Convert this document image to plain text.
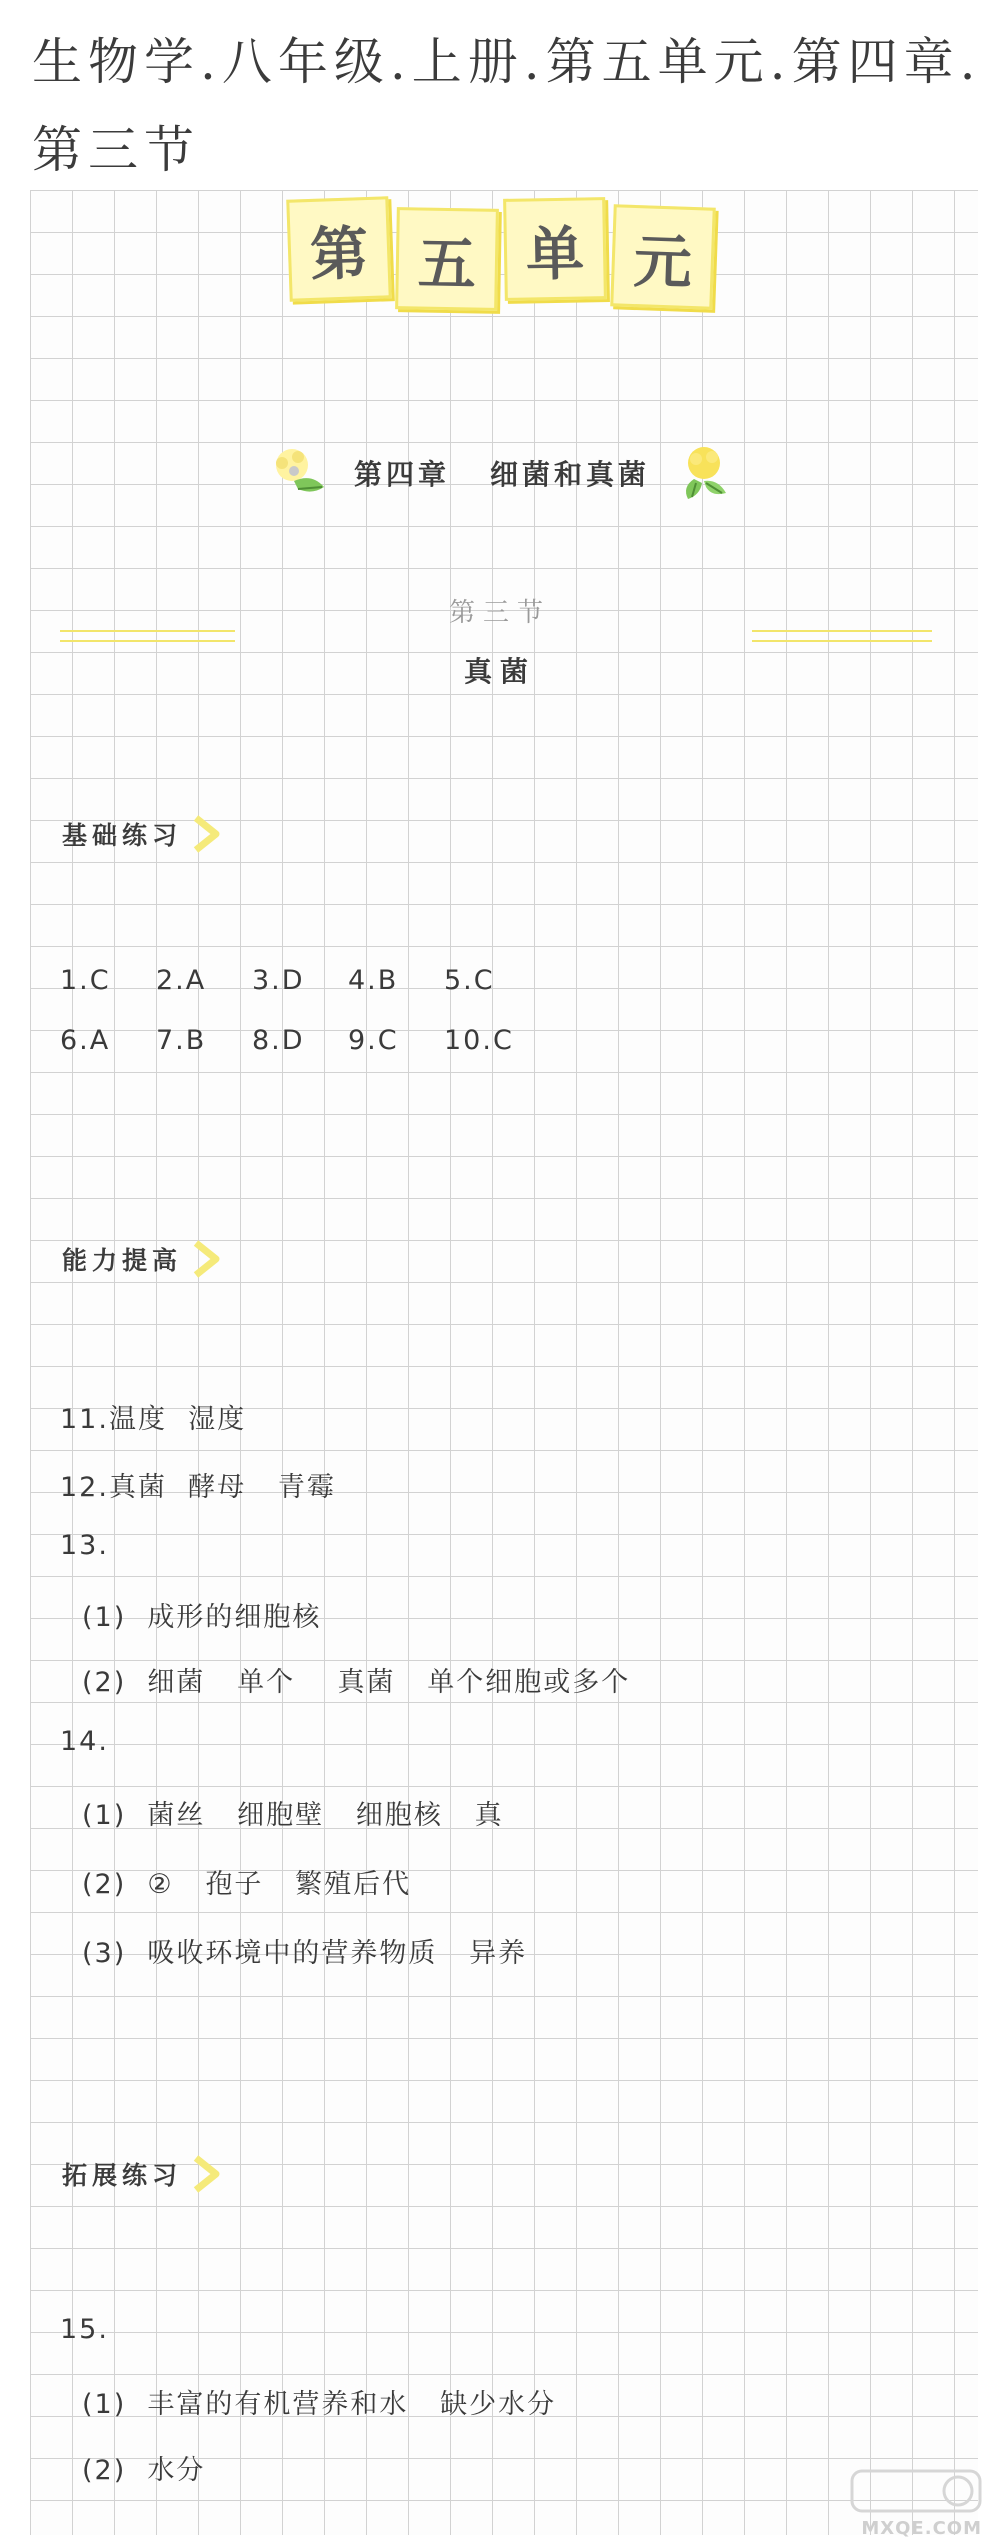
生物学.八年级.上册.第五单元.第四章.第三节
第 五 单 元
第四章 细菌和真菌
第三节
真菌
基础练习
1.C	2.A	3.D	4.B	5.C
6.A	7.B	8.D	9.C	10.C
能力提高
11.温度  湿度
12.真菌  酵母   青霉
13.
(1)  成形的细胞核
(2)  细菌   单个    真菌   单个细胞或多个
14.
(1)  菌丝   细胞壁   细胞核   真
(2)  ②   孢子   繁殖后代
(3)  吸收环境中的营养物质   异养
拓展练习
15.
(1)  丰富的有机营养和水   缺少水分
(2)  水分
MXQE.COM
